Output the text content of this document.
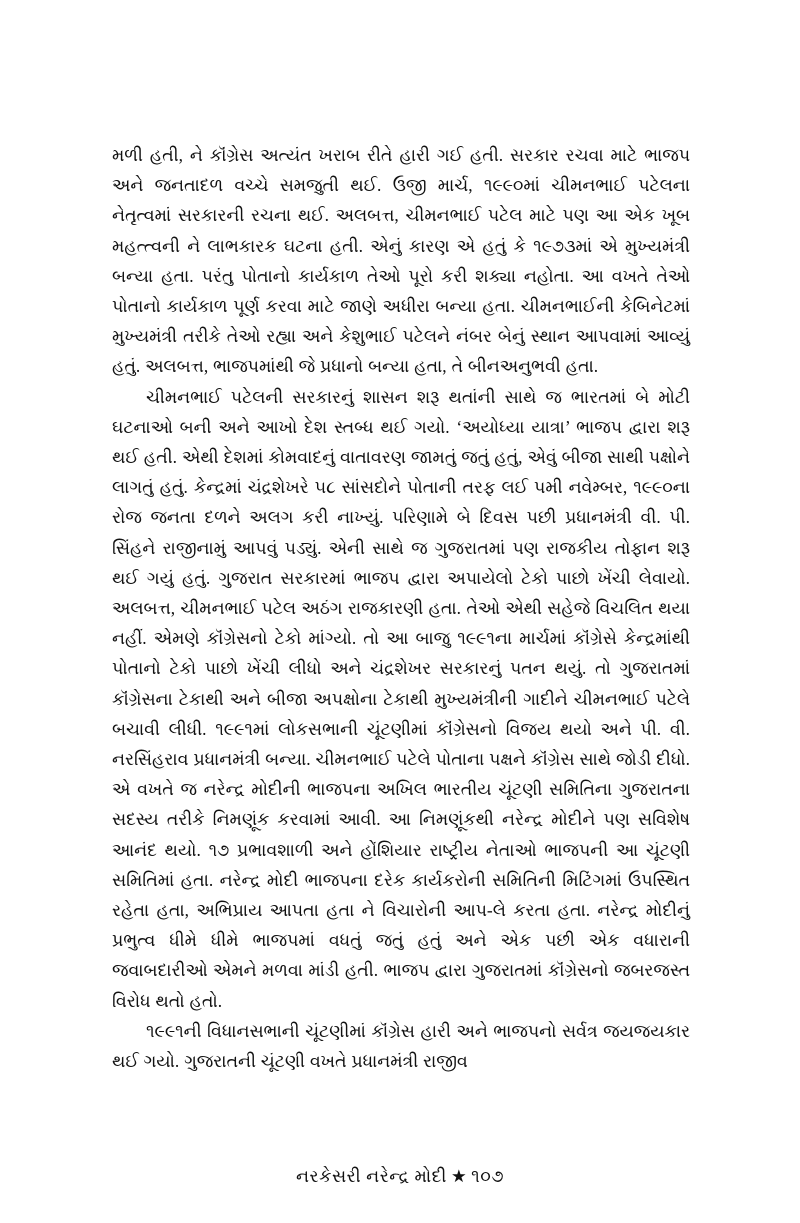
મળી હતી, ને કૉંગ્રેસ અત્યંત ખરાબ રીતે હારી ગઈ હતી. સરકાર રચવા માટે ભાજપ અને જનતાદળ વચ્ચે સમજુતી થઈ. ઉજી માર્ચ, ૧૯૯૦માં ચીમનભાઈ પટેલના નેતૃત્વમાં સરકારની રચના થઈ. અલબત્ત, ચીમનભાઈ પટેલ માટે પણ આ એક ખૂબ મહત્ત્વની ને લાભકારક ઘટના હતી. એનું કારણ એ હતું કે ૧૯૭૩માં એ મુખ્યમંત્રી બન્યા હતા. પરંતુ પોતાનો કાર્યકાળ તેઓ પૂરો કરી શક્યા નહોતા. આ વખતે તેઓ પોતાનો કાર્યકાળ પૂર્ણ કરવા માટે જાણે અધીરા બન્યા હતા. ચીમનભાઈની કેબિનેટમાં મુખ્યમંત્રી તરીકે તેઓ રહ્યા અને કેશુભાઈ પટેલને નંબર બેનું સ્થાન આપવામાં આવ્યું હતું. અલબત્ત, ભાજપમાંથી જે પ્રધાનો બન્યા હતા, તે બીનઅનુભવી હતા.

ચીમનભાઈ પટેલની સરકારનું શાસન શરૂ થતાંની સાથે જ ભારતમાં બે મોટી ઘટનાઓ બની અને આખો દેશ સ્તબ્ધ થઈ ગયો. ‘અયોધ્યા યાત્રા’ ભાજપ દ્વારા શરૂ થઈ હતી. એથી દેશમાં કોમવાદનું વાતાવરણ જામતું જતું હતું, એવું બીજા સાથી પક્ષોને લાગતું હતું. કેન્દ્રમાં ચંદ્રશેખરે ૫૮ સાંસદોને પોતાની તરફ લઈ પમી નવેમ્બર, ૧૯૯૦ના રોજ જનતા દળને અલગ કરી નાખ્યું. પરિણામે બે દિવસ પછી પ્રધાનમંત્રી વી. પી. સિંહને રાજીનામું આપવું પડ્યું. એની સાથે જ ગુજરાતમાં પણ રાજકીય તોફાન શરૂ થઈ ગયું હતું. ગુજરાત સરકારમાં ભાજપ દ્વારા અપાયેલો ટેકો પાછો ખેંચી લેવાયો. અલબત્ત, ચીમનભાઈ પટેલ અઠંગ રાજકારણી હતા. તેઓ એથી સહેજે વિચલિત થયા નહીં. એમણે કૉંગ્રેસનો ટેકો માંગ્યો. તો આ બાજુ ૧૯૯૧ના માર્ચમાં કૉંગ્રેસે કેન્દ્રમાંથી પોતાનો ટેકો પાછો ખેંચી લીધો અને ચંદ્રશેખર સરકારનું પતન થયું. તો ગુજરાતમાં કૉંગ્રેસના ટેકાથી અને બીજા અપક્ષોના ટેકાથી મુખ્યમંત્રીની ગાદીને ચીમનભાઈ પટેલે બચાવી લીધી. ૧૯૯૧માં લોકસભાની ચૂંટણીમાં કૉંગ્રેસનો વિજય થયો અને પી. વી. નરસિંહરાવ પ્રધાનમંત્રી બન્યા. ચીમનભાઈ પટેલે પોતાના પક્ષને કૉંગ્રેસ સાથે જોડી દીધો. એ વખતે જ નરેન્દ્ર મોદીની ભાજપના અખિલ ભારતીય ચૂંટણી સમિતિના ગુજરાતના સદસ્ય તરીકે નિમણૂંક કરવામાં આવી. આ નિમણૂંકથી નરેન્દ્ર મોદીને પણ સવિશેષ આનંદ થયો. ૧૭ પ્રભાવશાળી અને હોંશિયાર રાષ્ટ્રીય નેતાઓ ભાજપની આ ચૂંટણી સમિતિમાં હતા. નરેન્દ્ર મોદી ભાજપના દરેક કાર્યકરોની સમિતિની મિટિંગમાં ઉપસ્થિત રહેતા હતા, અભિપ્રાય આપતા હતા ને વિચારોની આપ-લે કરતા હતા. નરેન્દ્ર મોદીનું પ્રભુત્વ ધીમે ધીમે ભાજપમાં વધતું જતું હતું અને એક પછી એક વધારાની જવાબદારીઓ એમને મળવા માંડી હતી. ભાજપ દ્વારા ગુજરાતમાં કૉંગ્રેસનો જબરજસ્ત વિરોધ થતો હતો.

૧૯૯૧ની વિધાનસભાની ચૂંટણીમાં કૉંગ્રેસ હારી અને ભાજપનો સર્વત્ર જયજયકાર થઈ ગયો. ગુજરાતની ચૂંટણી વખતે પ્રધાનમંત્રી રાજીવ

નરકેસરી નરેન્દ્ર મોદી ★ ૧૦૭
